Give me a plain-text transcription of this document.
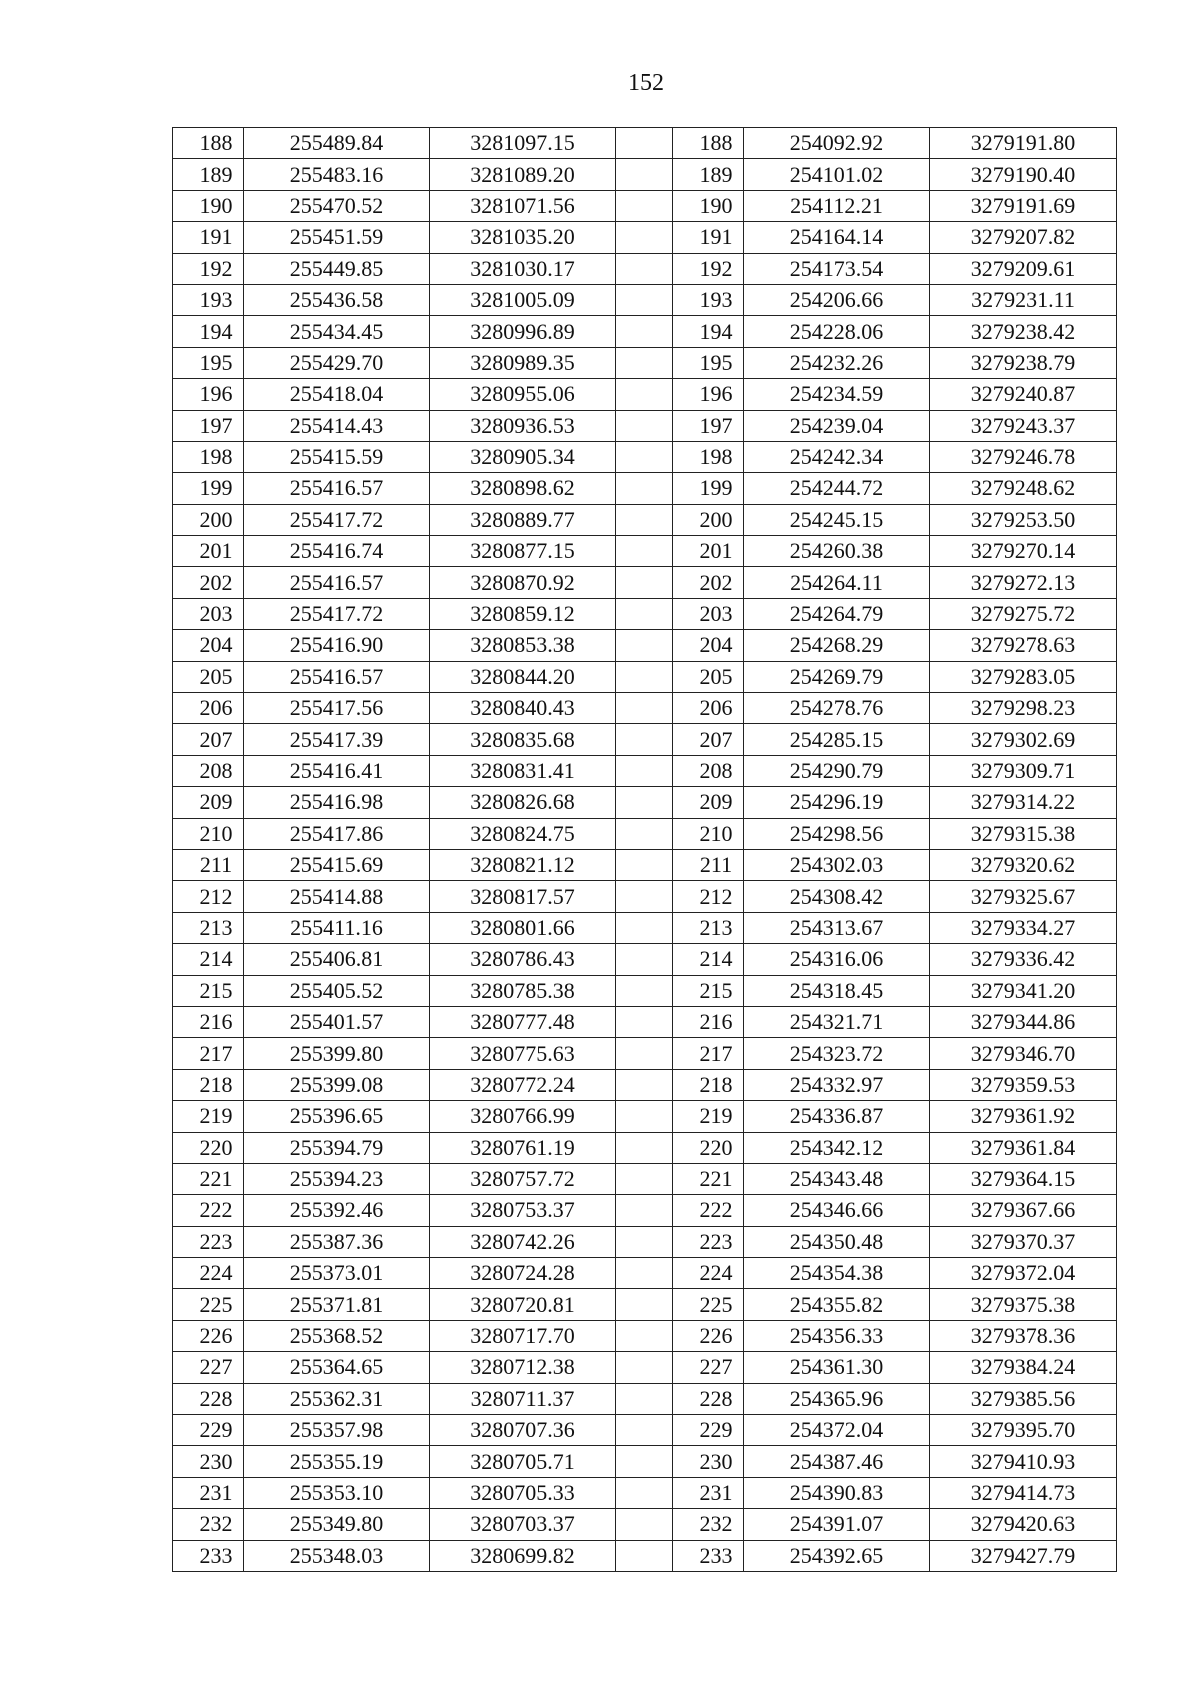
152
188	255489.84	3281097.15		188	254092.92	3279191.80
189	255483.16	3281089.20		189	254101.02	3279190.40
190	255470.52	3281071.56		190	254112.21	3279191.69
191	255451.59	3281035.20		191	254164.14	3279207.82
192	255449.85	3281030.17		192	254173.54	3279209.61
193	255436.58	3281005.09		193	254206.66	3279231.11
194	255434.45	3280996.89		194	254228.06	3279238.42
195	255429.70	3280989.35		195	254232.26	3279238.79
196	255418.04	3280955.06		196	254234.59	3279240.87
197	255414.43	3280936.53		197	254239.04	3279243.37
198	255415.59	3280905.34		198	254242.34	3279246.78
199	255416.57	3280898.62		199	254244.72	3279248.62
200	255417.72	3280889.77		200	254245.15	3279253.50
201	255416.74	3280877.15		201	254260.38	3279270.14
202	255416.57	3280870.92		202	254264.11	3279272.13
203	255417.72	3280859.12		203	254264.79	3279275.72
204	255416.90	3280853.38		204	254268.29	3279278.63
205	255416.57	3280844.20		205	254269.79	3279283.05
206	255417.56	3280840.43		206	254278.76	3279298.23
207	255417.39	3280835.68		207	254285.15	3279302.69
208	255416.41	3280831.41		208	254290.79	3279309.71
209	255416.98	3280826.68		209	254296.19	3279314.22
210	255417.86	3280824.75		210	254298.56	3279315.38
211	255415.69	3280821.12		211	254302.03	3279320.62
212	255414.88	3280817.57		212	254308.42	3279325.67
213	255411.16	3280801.66		213	254313.67	3279334.27
214	255406.81	3280786.43		214	254316.06	3279336.42
215	255405.52	3280785.38		215	254318.45	3279341.20
216	255401.57	3280777.48		216	254321.71	3279344.86
217	255399.80	3280775.63		217	254323.72	3279346.70
218	255399.08	3280772.24		218	254332.97	3279359.53
219	255396.65	3280766.99		219	254336.87	3279361.92
220	255394.79	3280761.19		220	254342.12	3279361.84
221	255394.23	3280757.72		221	254343.48	3279364.15
222	255392.46	3280753.37		222	254346.66	3279367.66
223	255387.36	3280742.26		223	254350.48	3279370.37
224	255373.01	3280724.28		224	254354.38	3279372.04
225	255371.81	3280720.81		225	254355.82	3279375.38
226	255368.52	3280717.70		226	254356.33	3279378.36
227	255364.65	3280712.38		227	254361.30	3279384.24
228	255362.31	3280711.37		228	254365.96	3279385.56
229	255357.98	3280707.36		229	254372.04	3279395.70
230	255355.19	3280705.71		230	254387.46	3279410.93
231	255353.10	3280705.33		231	254390.83	3279414.73
232	255349.80	3280703.37		232	254391.07	3279420.63
233	255348.03	3280699.82		233	254392.65	3279427.79
